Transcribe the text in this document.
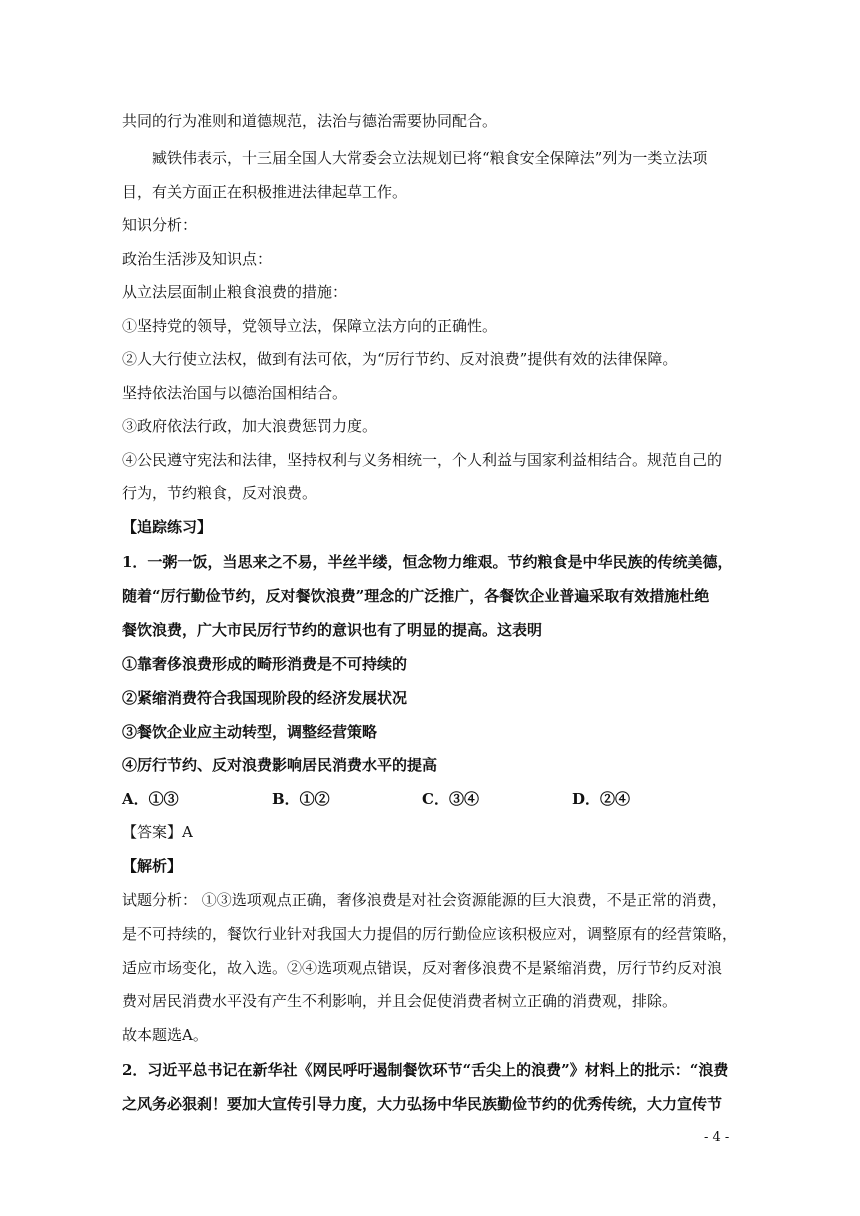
共同的行为准则和道德规范，法治与德治需要协同配合。
臧铁伟表示，十三届全国人大常委会立法规划已将“粮食安全保障法”列为一类立法项
目，有关方面正在积极推进法律起草工作。
知识分析：
政治生活涉及知识点：
从立法层面制止粮食浪费的措施：
①坚持党的领导，党领导立法，保障立法方向的正确性。
②人大行使立法权，做到有法可依，为“厉行节约、反对浪费”提供有效的法律保障。
坚持依法治国与以德治国相结合。
③政府依法行政，加大浪费惩罚力度。
④公民遵守宪法和法律，坚持权利与义务相统一，个人利益与国家利益相结合。规范自己的
行为，节约粮食，反对浪费。
【追踪练习】
1．一粥一饭，当思来之不易，半丝半缕，恒念物力维艰。节约粮食是中华民族的传统美德，
随着“厉行勤俭节约，反对餐饮浪费”理念的广泛推广，各餐饮企业普遍采取有效措施杜绝
餐饮浪费，广大市民厉行节约的意识也有了明显的提高。这表明
①靠奢侈浪费形成的畸形消费是不可持续的
②紧缩消费符合我国现阶段的经济发展状况
③餐饮企业应主动转型，调整经营策略
④厉行节约、反对浪费影响居民消费水平的提高
A．①③	B．①②	C．③④	D．②④
【答案】A
【解析】
试题分析： ①③选项观点正确，奢侈浪费是对社会资源能源的巨大浪费，不是正常的消费，
是不可持续的，餐饮行业针对我国大力提倡的厉行勤俭应该积极应对，调整原有的经营策略，
适应市场变化，故入选。②④选项观点错误，反对奢侈浪费不是紧缩消费，厉行节约反对浪
费对居民消费水平没有产生不利影响，并且会促使消费者树立正确的消费观，排除。
故本题选A。
2．习近平总书记在新华社《网民呼吁遏制餐饮环节“舌尖上的浪费”》材料上的批示：“浪费
之风务必狠刹！要加大宣传引导力度，大力弘扬中华民族勤俭节约的优秀传统，大力宣传节
- 4 -
